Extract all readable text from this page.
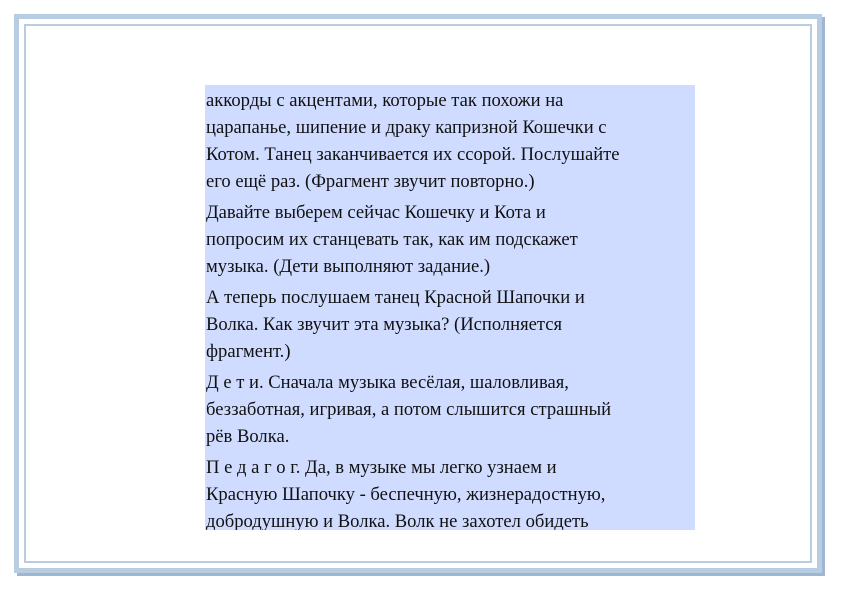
аккорды с акцентами, которые так похожи на
царапанье, шипение и драку капризной Кошечки с
Котом. Танец заканчивается их ссорой. Послушайте
его ещё раз. (Фрагмент звучит повторно.)

Давайте выберем сейчас Кошечку и Кота и
попросим их станцевать так, как им подскажет
музыка. (Дети выполняют задание.)

А теперь послушаем танец Красной Шапочки и
Волка. Как звучит эта музыка? (Исполняется
фрагмент.)

Д е т и. Сначала музыка весёлая, шаловливая,
беззаботная, игривая, а потом слышится страшный
рёв Волка.

П е д а г о г. Да, в музыке мы легко узнаем и
Красную Шапочку - беспечную, жизнерадостную,
добродушную и Волка. Волк не захотел обидеть
